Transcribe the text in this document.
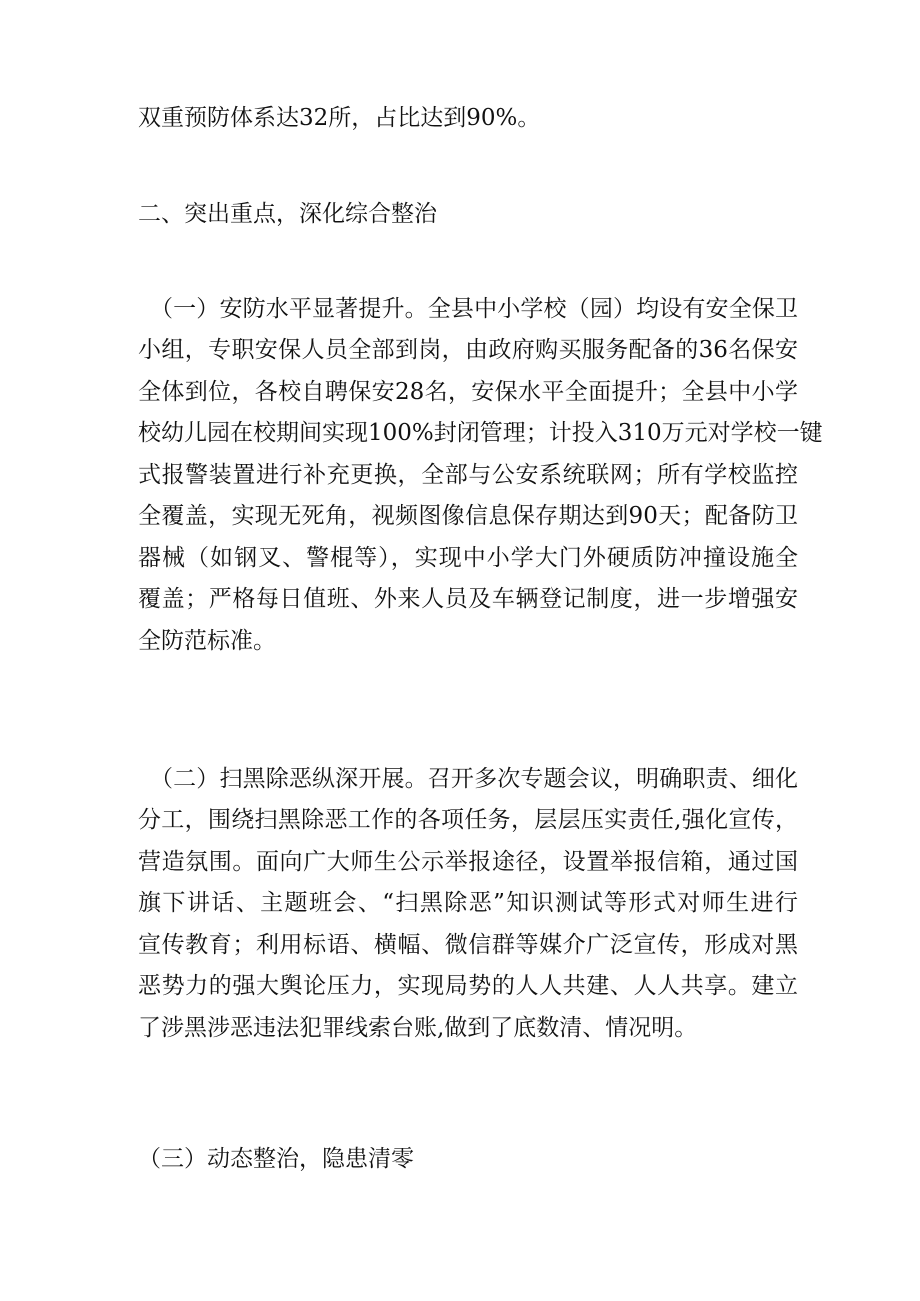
双重预防体系达32所，占比达到90%。
二、突出重点，深化综合整治
（一）安防水平显著提升。全县中小学校（园）均设有安全保卫
小组，专职安保人员全部到岗，由政府购买服务配备的36名保安
全体到位，各校自聘保安28名，安保水平全面提升；全县中小学
校幼儿园在校期间实现100%封闭管理；计投入310万元对学校一键
式报警装置进行补充更换，全部与公安系统联网；所有学校监控
全覆盖，实现无死角，视频图像信息保存期达到90天；配备防卫
器械（如钢叉、警棍等），实现中小学大门外硬质防冲撞设施全
覆盖；严格每日值班、外来人员及车辆登记制度，进一步增强安
全防范标准。
（二）扫黑除恶纵深开展。召开多次专题会议，明确职责、细化
分工，围绕扫黑除恶工作的各项任务，层层压实责任,强化宣传，
营造氛围。面向广大师生公示举报途径，设置举报信箱，通过国
旗下讲话、主题班会、“扫黑除恶”知识测试等形式对师生进行
宣传教育；利用标语、横幅、微信群等媒介广泛宣传，形成对黑
恶势力的强大舆论压力，实现局势的人人共建、人人共享。建立
了涉黑涉恶违法犯罪线索台账,做到了底数清、情况明。
（三）动态整治，隐患清零
